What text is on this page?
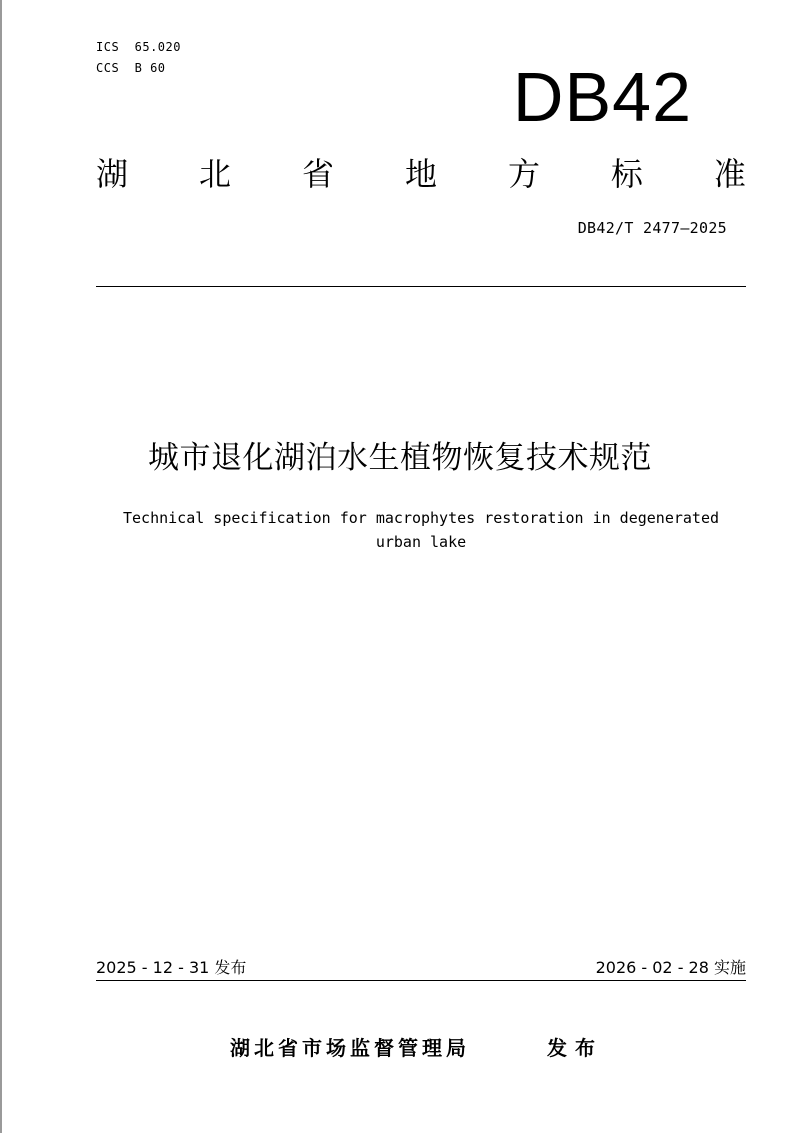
ICS  65.020
CCS  B 60	DB42
湖 北 省 地 方 标 准
DB42/T 2477—2025
城市退化湖泊水生植物恢复技术规范
Technical specification for macrophytes restoration in degenerated urban lake
2025 - 12 - 31 发布	2026 - 02 - 28 实施
湖北省市场监督管理局	发布
